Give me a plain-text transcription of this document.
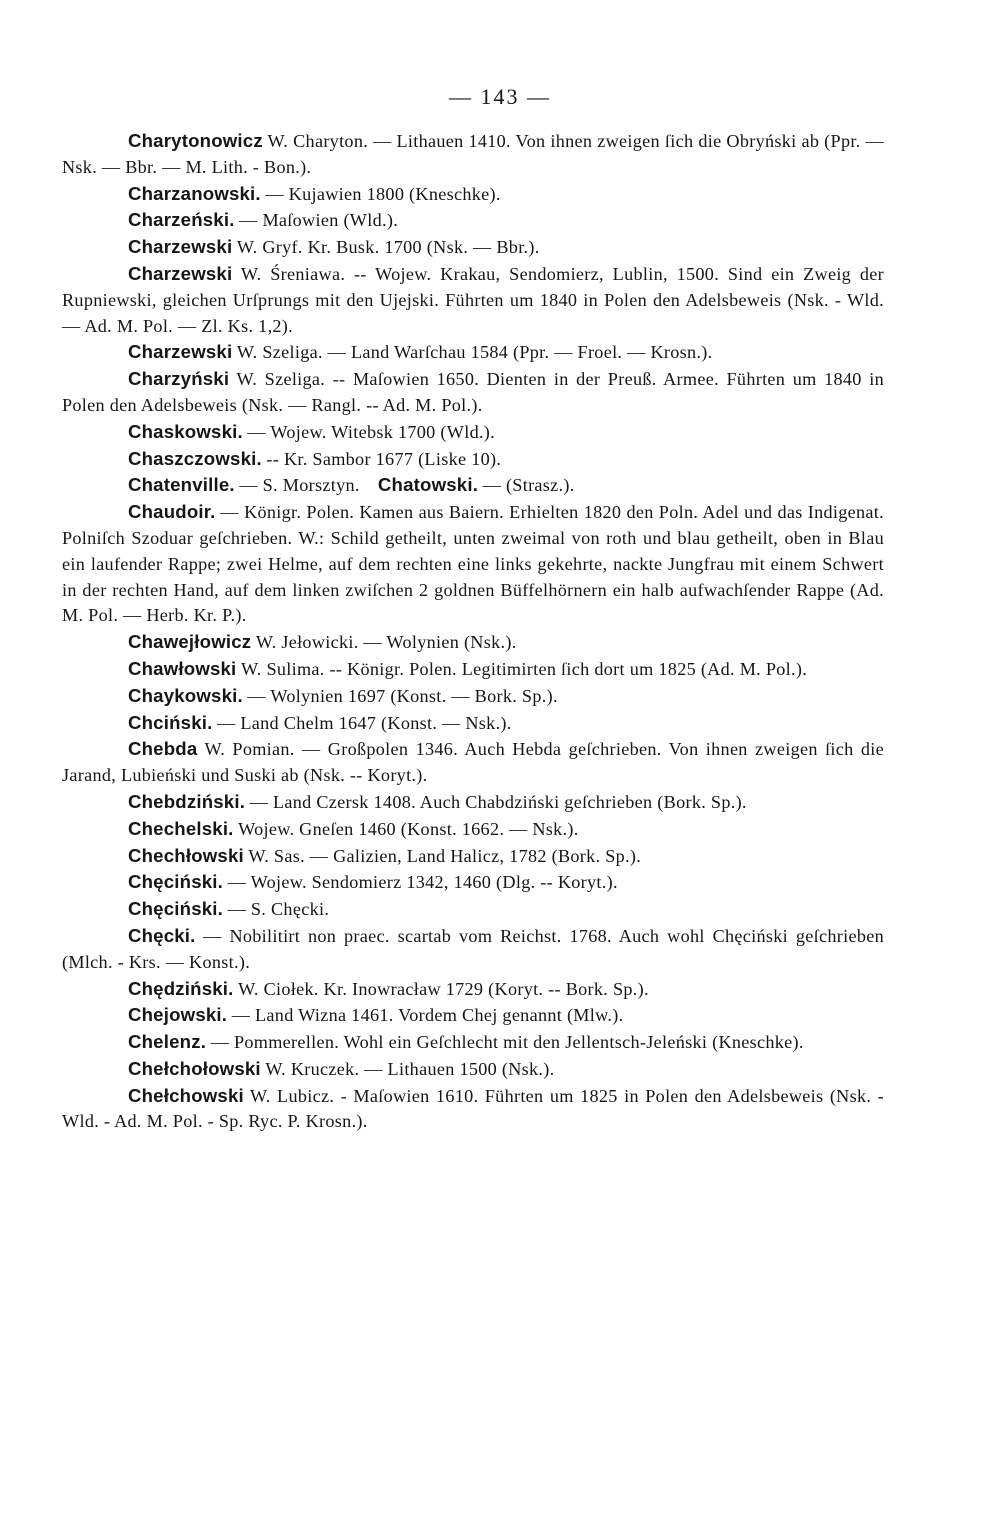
— 143 —

Charytonowicz W. Charyton. — Lithauen 1410. Von ihnen zweigen ſich die Obryński ab (Ppr. — Nsk. — Bbr. — M. Lith. - Bon.).

Charzanowski. — Kujawien 1800 (Kneschke).

Charzeński. — Maſowien (Wld.).

Charzewski W. Gryf. Kr. Busk. 1700 (Nsk. — Bbr.).

Charzewski W. Śreniawa. -- Wojew. Krakau, Sendomierz, Lublin, 1500. Sind ein Zweig der Rupniewski, gleichen Urſprungs mit den Ujejski. Führten um 1840 in Polen den Adelsbeweis (Nsk. - Wld. — Ad. M. Pol. — Zl. Ks. 1,2).

Charzewski W. Szeliga. — Land Warſchau 1584 (Ppr. — Froel. — Krosn.).

Charzyński W. Szeliga. -- Maſowien 1650. Dienten in der Preuß. Armee. Führten um 1840 in Polen den Adelsbeweis (Nsk. — Rangl. -- Ad. M. Pol.).

Chaskowski. — Wojew. Witebsk 1700 (Wld.).

Chaszczowski. -- Kr. Sambor 1677 (Liske 10).

Chatenville. — S. Morsztyn.  Chatowski. — (Strasz.).

Chaudoir. — Königr. Polen. Kamen aus Baiern. Erhielten 1820 den Poln. Adel und das Indigenat. Polniſch Szoduar geſchrieben. W.: Schild getheilt, unten zweimal von roth und blau getheilt, oben in Blau ein laufender Rappe; zwei Helme, auf dem rechten eine links gekehrte, nackte Jungfrau mit einem Schwert in der rechten Hand, auf dem linken zwiſchen 2 goldnen Büffelhörnern ein halb aufwachſender Rappe (Ad. M. Pol. — Herb. Kr. P.).

Chawejłowicz W. Jełowicki. — Wolynien (Nsk.).

Chawłowski W. Sulima. -- Königr. Polen. Legitimirten ſich dort um 1825 (Ad. M. Pol.).

Chaykowski. — Wolynien 1697 (Konst. — Bork. Sp.).

Chciński. — Land Chelm 1647 (Konst. — Nsk.).

Chebda W. Pomian. — Großpolen 1346. Auch Hebda geſchrieben. Von ihnen zweigen ſich die Jarand, Lubieński und Suski ab (Nsk. -- Koryt.).

Chebdziński. — Land Czersk 1408. Auch Chabdziński geſchrieben (Bork. Sp.).

Chechelski. Wojew. Gneſen 1460 (Konst. 1662. — Nsk.).

Chechłowski W. Sas. — Galizien, Land Halicz, 1782 (Bork. Sp.).

Chęciński. — Wojew. Sendomierz 1342, 1460 (Dlg. -- Koryt.).

Chęciński. — S. Chęcki.

Chęcki. — Nobilitirt non praec. scartab vom Reichst. 1768. Auch wohl Chęciński geſchrieben (Mlch. - Krs. — Konst.).

Chędziński. W. Ciołek. Kr. Inowracław 1729 (Koryt. -- Bork. Sp.).

Chejowski. — Land Wizna 1461. Vordem Chej genannt (Mlw.).

Chelenz. — Pommerellen. Wohl ein Geſchlecht mit den Jellentsch-Jeleński (Kneschke).

Chełchołowski W. Kruczek. — Lithauen 1500 (Nsk.).

Chełchowski W. Lubicz. - Maſowien 1610. Führten um 1825 in Polen den Adelsbeweis (Nsk. - Wld. - Ad. M. Pol. - Sp. Ryc. P. Krosn.).
